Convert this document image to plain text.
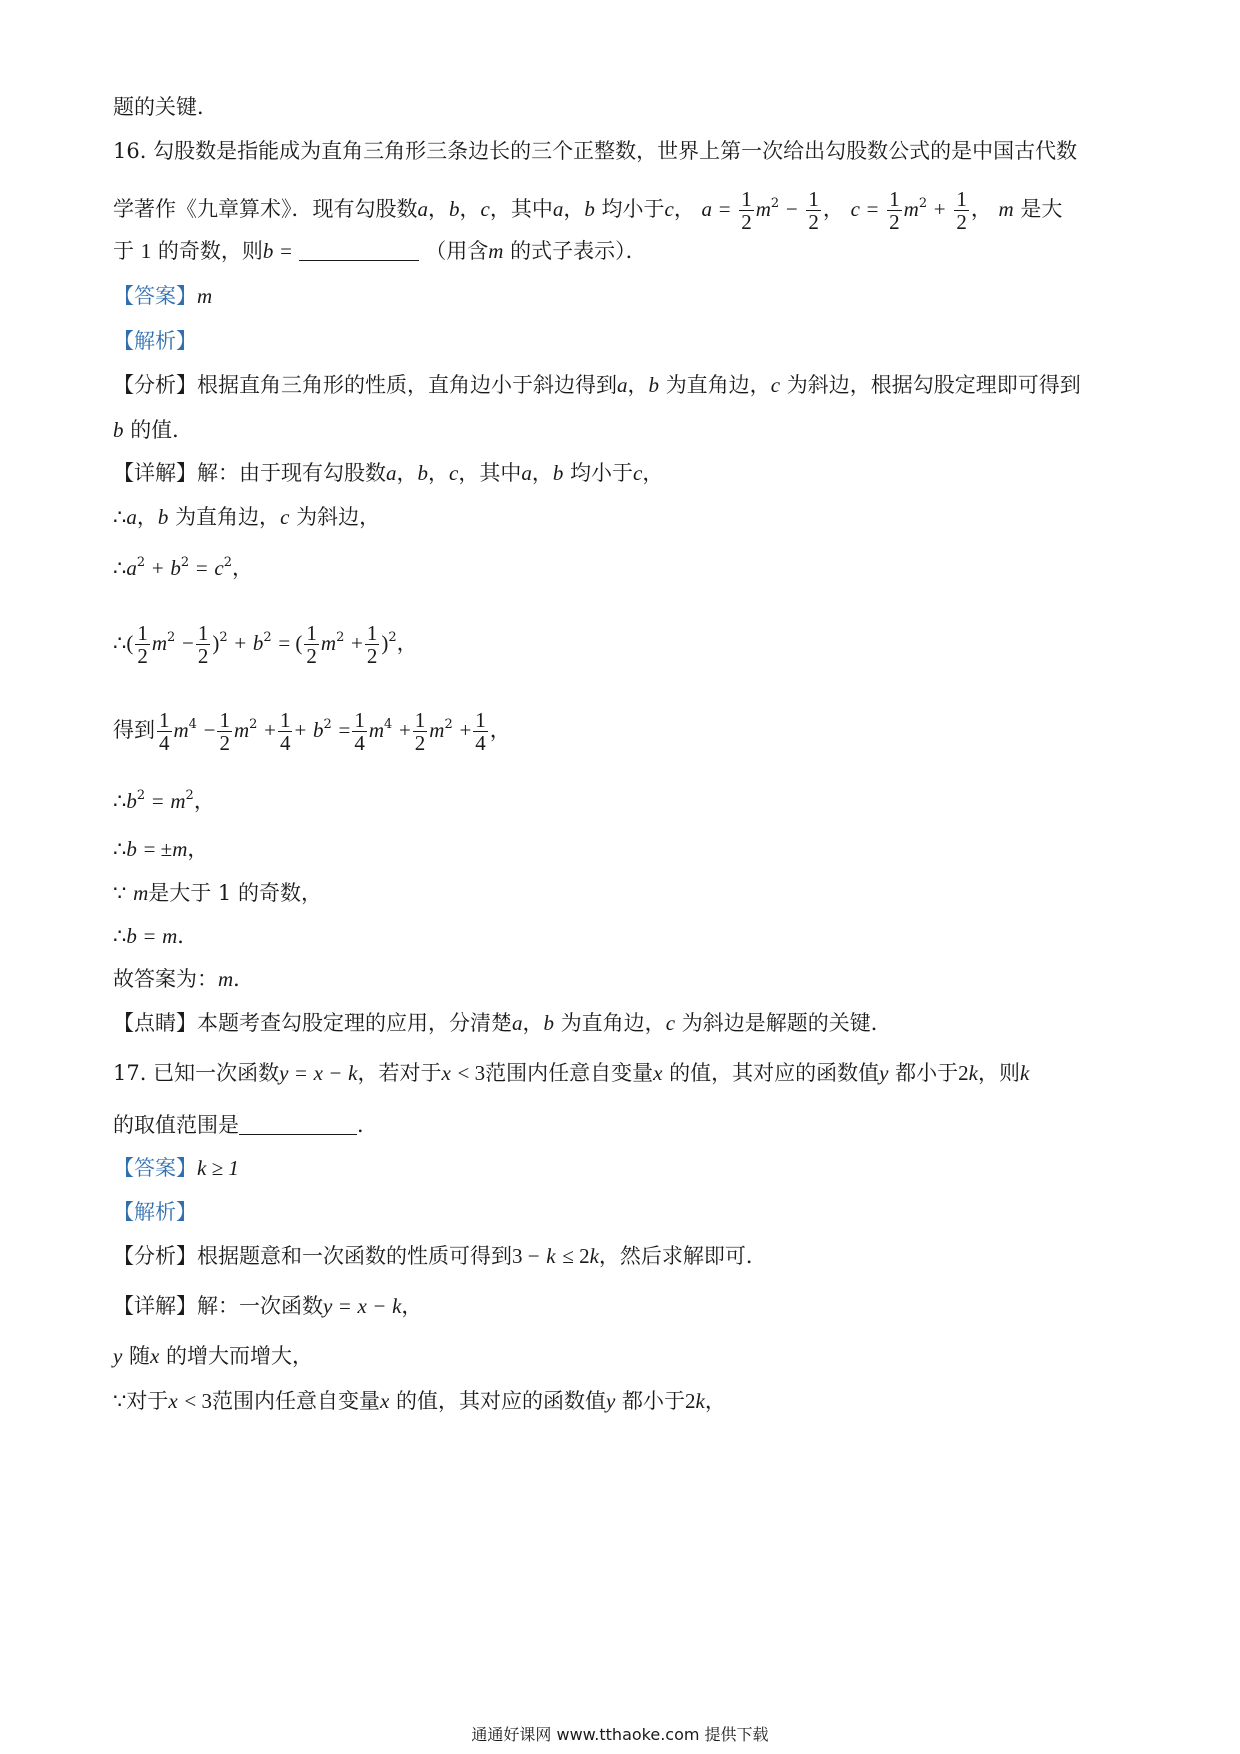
题的关键．
16. 勾股数是指能成为直角三角形三条边长的三个正整数，世界上第一次给出勾股数公式的是中国古代数
学著作《九章算术》．现有勾股数a，b，c，其中a，b 均小于c， $a = \frac{1}{2} m^2 - \frac{1}{2}$ ， $c = \frac{1}{2} m^2 + \frac{1}{2}$ ， m 是大
于 1 的奇数，则b =	（用含m 的式子表示）．
【答案】m
【解析】
【分析】根据直角三角形的性质，直角边小于斜边得到a，b 为直角边，c 为斜边，根据勾股定理即可得到
b 的值．
【详解】解：由于现有勾股数a，b，c，其中a，b 均小于c，
∴a，b 为直角边，c 为斜边，
$\therefore a^2 + b^2 = c^2$，
∴( $\frac{1}{2} m^2 - \frac{1}{2} )^2 + b^2$ = ( $\frac{1}{2} m^2 + \frac{1}{2} )^2$，
得到 $\frac{1}{4} m^4 - \frac{1}{2} m^2 + \frac{1}{4} + b^2 = \frac{1}{4} m^4 + \frac{1}{2} m^2 + \frac{1}{4}$ ，
$\therefore b^2 = m^2$，
∴b = ±m，
∵ m是大于 1 的奇数，
∴b = m．
故答案为：m．
【点睛】本题考查勾股定理的应用，分清楚a，b 为直角边，c 为斜边是解题的关键．
17. 已知一次函数y = x − k，若对于x < 3范围内任意自变量x 的值，其对应的函数值y 都小于2k，则k
的取值范围是	．
【答案】k ≥ 1
【解析】
【分析】根据题意和一次函数的性质可得到3 − k ≤ 2k，然后求解即可．
【详解】解：一次函数y = x − k，
y 随x 的增大而增大，
∵对于x < 3范围内任意自变量x 的值，其对应的函数值y 都小于2k，
通通好课网 www.tthaoke.com 提供下载
